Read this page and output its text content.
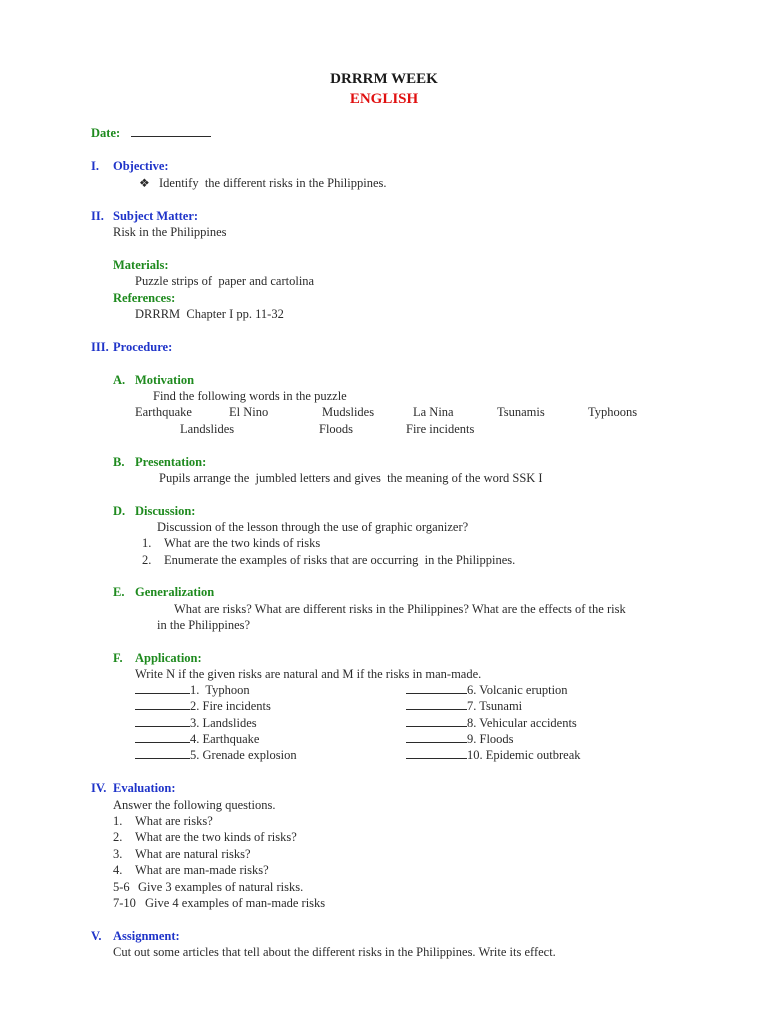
DRRRM WEEK
ENGLISH
Date:
I. Objective:
❖ Identify  the different risks in the Philippines.
II. Subject Matter:
Risk in the Philippines
Materials:
Puzzle strips of  paper and cartolina
References:
DRRRM  Chapter I pp. 11-32
III. Procedure:
A. Motivation
Find the following words in the puzzle
Earthquake	El Nino	Mudslides	La Nina	Tsunamis	Typhoons
Landslides	Floods	Fire incidents
B. Presentation:
Pupils arrange the  jumbled letters and gives  the meaning of the word SSK I
D. Discussion:
Discussion of the lesson through the use of graphic organizer?
1. What are the two kinds of risks
2. Enumerate the examples of risks that are occurring  in the Philippines.
E. Generalization
What are risks? What are different risks in the Philippines? What are the effects of the risk
in the Philippines?
F. Application:
Write N if the given risks are natural and M if the risks in man-made.
1.  Typhoon
2. Fire incidents
3. Landslides
4. Earthquake
5. Grenade explosion
6. Volcanic eruption
7. Tsunami
8. Vehicular accidents
9. Floods
10. Epidemic outbreak
IV. Evaluation:
Answer the following questions.
1. What are risks?
2. What are the two kinds of risks?
3. What are natural risks?
4. What are man-made risks?
5-6 Give 3 examples of natural risks.
7-10 Give 4 examples of man-made risks
V. Assignment:
Cut out some articles that tell about the different risks in the Philippines. Write its effect.
